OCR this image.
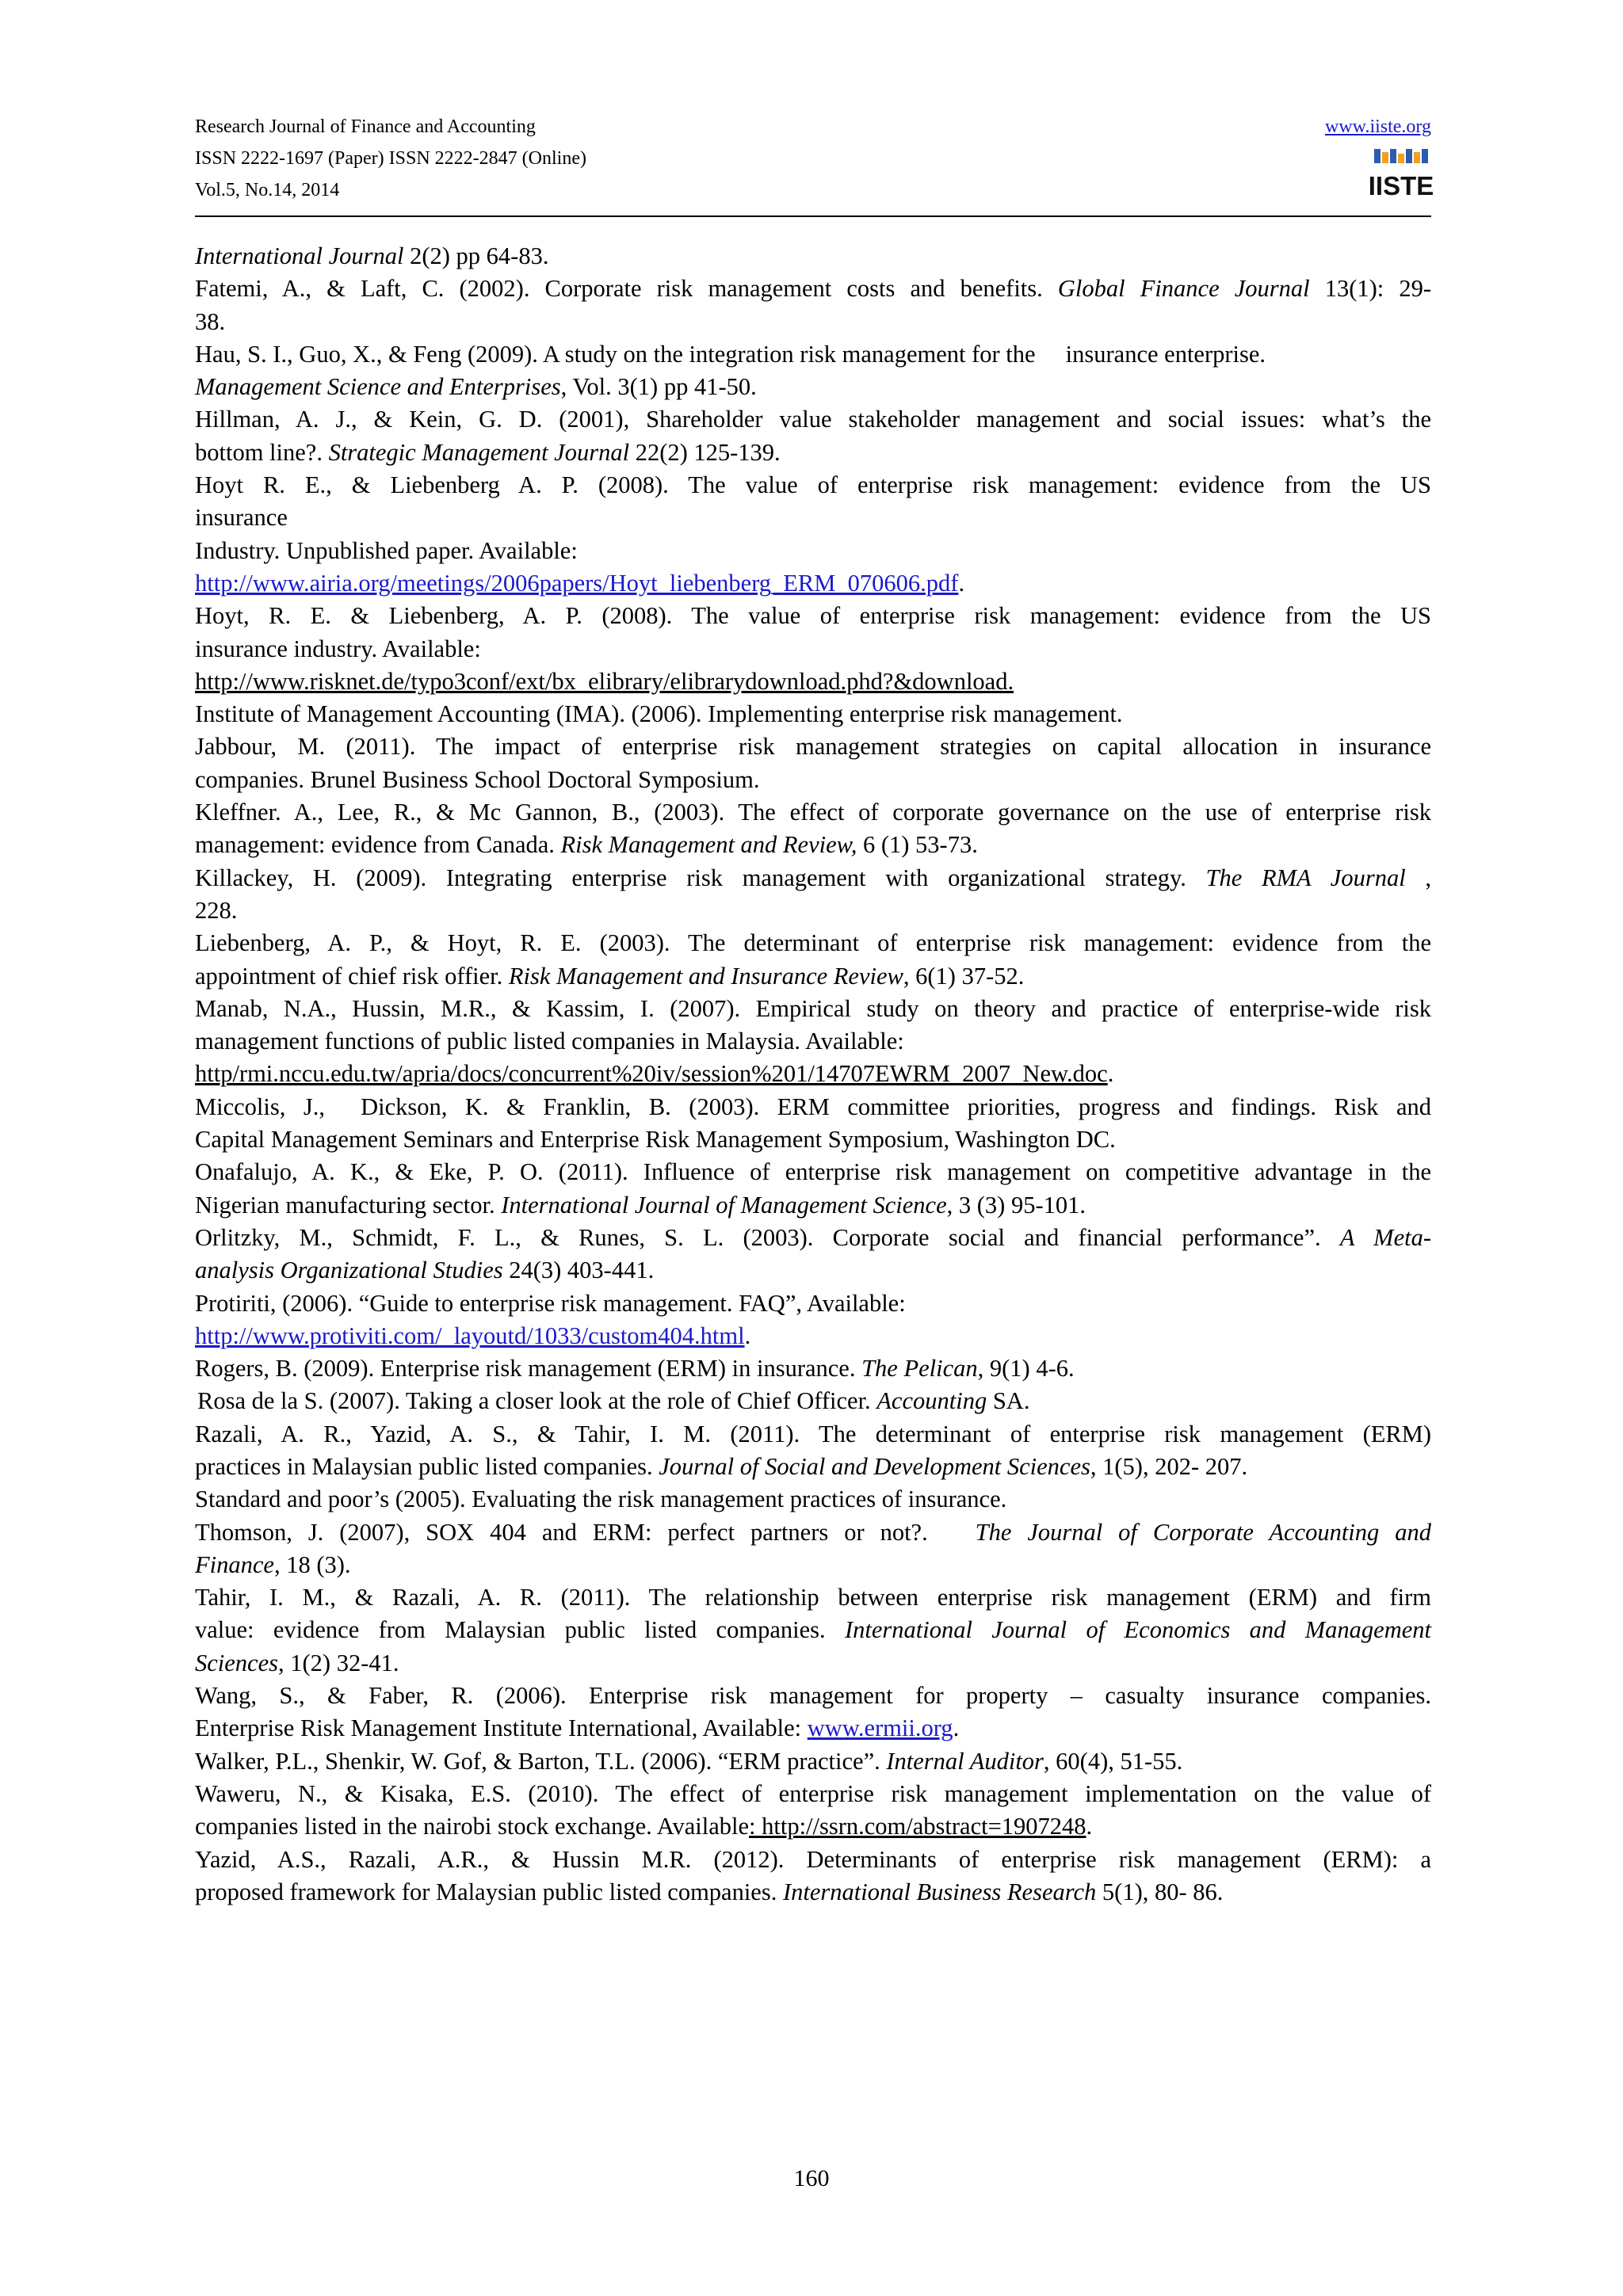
Research Journal of Finance and Accounting
ISSN 2222-1697 (Paper) ISSN 2222-2847 (Online)
Vol.5, No.14, 2014
www.iiste.org
IISTE
International Journal 2(2) pp 64-83.
Fatemi, A., & Laft, C. (2002). Corporate risk management costs and benefits. Global Finance Journal 13(1): 29-
38.
Hau, S. I., Guo, X., & Feng (2009). A study on the integration risk management for the     insurance enterprise.
Management Science and Enterprises, Vol. 3(1) pp 41-50.
Hillman, A. J., & Kein, G. D. (2001), Shareholder value stakeholder management and social issues: what’s the
bottom line?. Strategic Management Journal 22(2) 125-139.
Hoyt R. E., & Liebenberg A. P. (2008). The value of enterprise risk management: evidence from the US
insurance
Industry. Unpublished paper. Available:
http://www.airia.org/meetings/2006papers/Hoyt_liebenberg_ERM_070606.pdf.
Hoyt, R. E. & Liebenberg, A. P. (2008). The value of enterprise risk management: evidence from the US
insurance industry. Available:
http://www.risknet.de/typo3conf/ext/bx_elibrary/elibrarydownload.phd?&download.
Institute of Management Accounting (IMA). (2006). Implementing enterprise risk management.
Jabbour, M. (2011). The impact of enterprise risk management strategies on capital allocation in insurance
companies. Brunel Business School Doctoral Symposium.
Kleffner. A., Lee, R., & Mc Gannon, B., (2003). The effect of corporate governance on the use of enterprise risk
management: evidence from Canada. Risk Management and Review, 6 (1) 53-73.
Killackey, H. (2009). Integrating enterprise risk management with organizational strategy. The RMA Journal ,
228.
Liebenberg, A. P., & Hoyt, R. E. (2003). The determinant of enterprise risk management: evidence from the
appointment of chief risk offier. Risk Management and Insurance Review, 6(1) 37-52.
Manab, N.A., Hussin, M.R., & Kassim, I. (2007). Empirical study on theory and practice of enterprise-wide risk
management functions of public listed companies in Malaysia. Available:
http/rmi.nccu.edu.tw/apria/docs/concurrent%20iv/session%201/14707EWRM_2007_New.doc.
Miccolis, J.,  Dickson, K. & Franklin, B. (2003). ERM committee priorities, progress and findings. Risk and
Capital Management Seminars and Enterprise Risk Management Symposium, Washington DC.
Onafalujo, A. K., & Eke, P. O. (2011). Influence of enterprise risk management on competitive advantage in the
Nigerian manufacturing sector. International Journal of Management Science, 3 (3) 95-101.
Orlitzky, M., Schmidt, F. L., & Runes, S. L. (2003). Corporate social and financial performance”. A Meta-
analysis Organizational Studies 24(3) 403-441.
Protiriti, (2006). “Guide to enterprise risk management. FAQ”, Available:
http://www.protiviti.com/_layoutd/1033/custom404.html.
Rogers, B. (2009). Enterprise risk management (ERM) in insurance. The Pelican, 9(1) 4-6.
Rosa de la S. (2007). Taking a closer look at the role of Chief Officer. Accounting SA.
Razali, A. R., Yazid, A. S., & Tahir, I. M. (2011). The determinant of enterprise risk management (ERM)
practices in Malaysian public listed companies. Journal of Social and Development Sciences, 1(5), 202- 207.
Standard and poor’s (2005). Evaluating the risk management practices of insurance.
Thomson, J. (2007), SOX 404 and ERM: perfect partners or not?.   The Journal of Corporate Accounting and
Finance, 18 (3).
Tahir, I. M., & Razali, A. R. (2011). The relationship between enterprise risk management (ERM) and firm
value: evidence from Malaysian public listed companies. International Journal of Economics and Management
Sciences, 1(2) 32-41.
Wang, S., & Faber, R. (2006). Enterprise risk management for property – casualty insurance companies.
Enterprise Risk Management Institute International, Available: www.ermii.org.
Walker, P.L., Shenkir, W. Gof, & Barton, T.L. (2006). “ERM practice”. Internal Auditor, 60(4), 51-55.
Waweru, N., & Kisaka, E.S. (2010). The effect of enterprise risk management implementation on the value of
companies listed in the nairobi stock exchange. Available: http://ssrn.com/abstract=1907248.
Yazid, A.S., Razali, A.R., & Hussin M.R. (2012). Determinants of enterprise risk management (ERM): a
proposed framework for Malaysian public listed companies. International Business Research 5(1), 80- 86.
160
